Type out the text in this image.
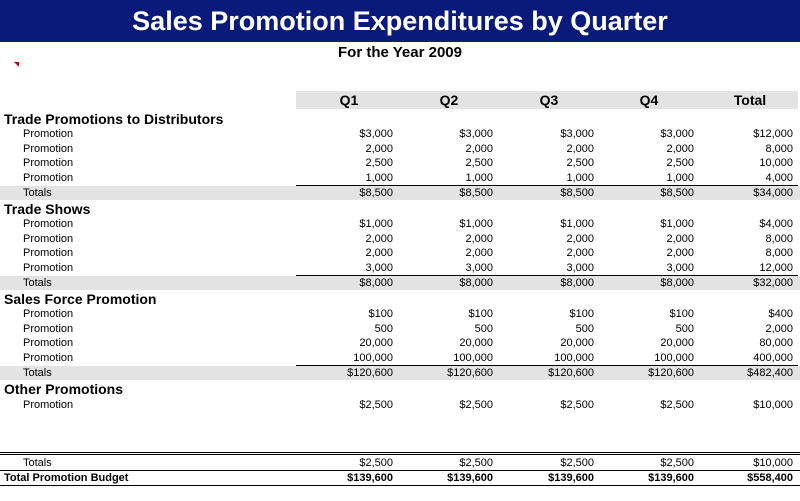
Sales Promotion Expenditures by Quarter
For the Year 2009
Q1	Q2	Q3	Q4	Total
Trade Promotions to Distributors
Promotion	$3,000	$3,000	$3,000	$3,000	$12,000
Promotion	2,000	2,000	2,000	2,000	8,000
Promotion	2,500	2,500	2,500	2,500	10,000
Promotion	1,000	1,000	1,000	1,000	4,000
Totals	$8,500	$8,500	$8,500	$8,500	$34,000
Trade Shows
Promotion	$1,000	$1,000	$1,000	$1,000	$4,000
Promotion	2,000	2,000	2,000	2,000	8,000
Promotion	2,000	2,000	2,000	2,000	8,000
Promotion	3,000	3,000	3,000	3,000	12,000
Totals	$8,000	$8,000	$8,000	$8,000	$32,000
Sales Force Promotion
Promotion	$100	$100	$100	$100	$400
Promotion	500	500	500	500	2,000
Promotion	20,000	20,000	20,000	20,000	80,000
Promotion	100,000	100,000	100,000	100,000	400,000
Totals	$120,600	$120,600	$120,600	$120,600	$482,400
Other Promotions
Promotion	$2,500	$2,500	$2,500	$2,500	$10,000
Totals	$2,500	$2,500	$2,500	$2,500	$10,000
Total Promotion Budget	$139,600	$139,600	$139,600	$139,600	$558,400
